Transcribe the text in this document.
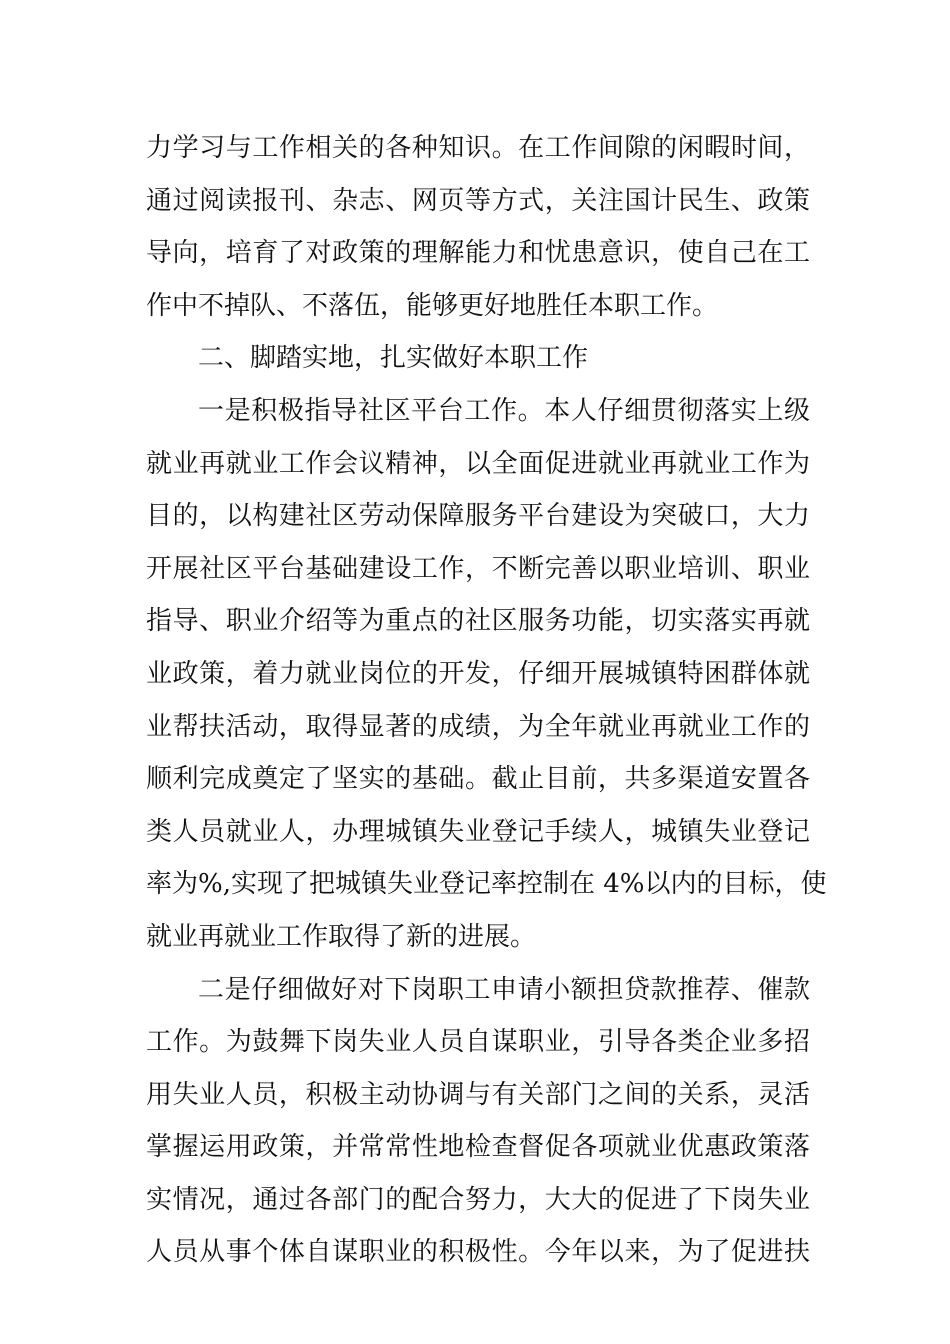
力学习与工作相关的各种知识。在工作间隙的闲暇时间，
通过阅读报刊、杂志、网页等方式，关注国计民生、政策
导向，培育了对政策的理解能力和忧患意识，使自己在工
作中不掉队、不落伍，能够更好地胜任本职工作。
二、脚踏实地，扎实做好本职工作
一是积极指导社区平台工作。本人仔细贯彻落实上级
就业再就业工作会议精神，以全面促进就业再就业工作为
目的，以构建社区劳动保障服务平台建设为突破口，大力
开展社区平台基础建设工作，不断完善以职业培训、职业
指导、职业介绍等为重点的社区服务功能，切实落实再就
业政策，着力就业岗位的开发，仔细开展城镇特困群体就
业帮扶活动，取得显著的成绩，为全年就业再就业工作的
顺利完成奠定了坚实的基础。截止目前，共多渠道安置各
类人员就业人，办理城镇失业登记手续人，城镇失业登记
率为%,实现了把城镇失业登记率控制在 4%以内的目标，使
就业再就业工作取得了新的进展。
二是仔细做好对下岗职工申请小额担贷款推荐、催款
工作。为鼓舞下岗失业人员自谋职业，引导各类企业多招
用失业人员，积极主动协调与有关部门之间的关系，灵活
掌握运用政策，并常常性地检查督促各项就业优惠政策落
实情况，通过各部门的配合努力，大大的促进了下岗失业
人员从事个体自谋职业的积极性。今年以来，为了促进扶
